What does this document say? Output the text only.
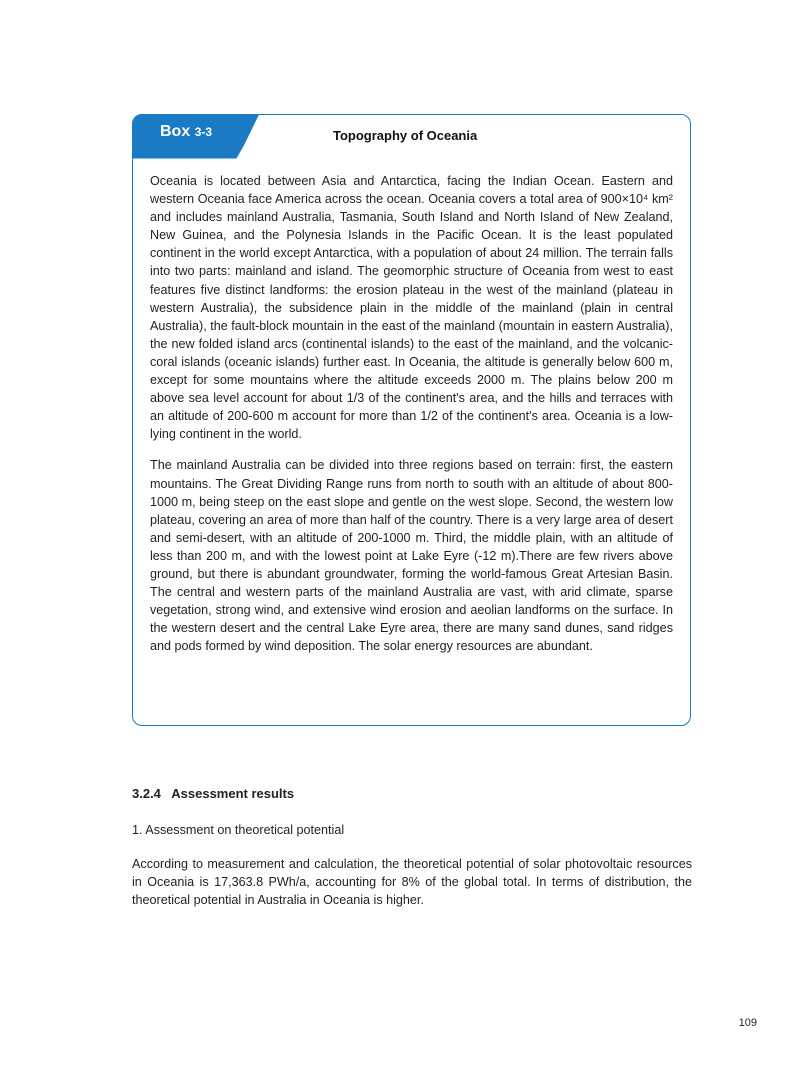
Box 3-3	Topography of Oceania

Oceania is located between Asia and Antarctica, facing the Indian Ocean. Eastern and western Oceania face America across the ocean. Oceania covers a total area of 900×10⁴ km² and includes mainland Australia, Tasmania, South Island and North Island of New Zealand, New Guinea, and the Polynesia Islands in the Pacific Ocean. It is the least populated continent in the world except Antarctica, with a population of about 24 million. The terrain falls into two parts: mainland and island. The geomorphic structure of Oceania from west to east features five distinct landforms: the erosion plateau in the west of the mainland (plateau in western Australia), the subsidence plain in the middle of the mainland (plain in central Australia), the fault-block mountain in the east of the mainland (mountain in eastern Australia), the new folded island arcs (continental islands) to the east of the mainland, and the volcanic-coral islands (oceanic islands) further east. In Oceania, the altitude is generally below 600 m, except for some mountains where the altitude exceeds 2000 m. The plains below 200 m above sea level account for about 1/3 of the continent's area, and the hills and terraces with an altitude of 200-600 m account for more than 1/2 of the continent's area. Oceania is a low-lying continent in the world.

The mainland Australia can be divided into three regions based on terrain: first, the eastern mountains. The Great Dividing Range runs from north to south with an altitude of about 800-1000 m, being steep on the east slope and gentle on the west slope. Second, the western low plateau, covering an area of more than half of the country. There is a very large area of desert and semi-desert, with an altitude of 200-1000 m. Third, the middle plain, with an altitude of less than 200 m, and with the lowest point at Lake Eyre (-12 m).There are few rivers above ground, but there is abundant groundwater, forming the world-famous Great Artesian Basin. The central and western parts of the mainland Australia are vast, with arid climate, sparse vegetation, strong wind, and extensive wind erosion and aeolian landforms on the surface. In the western desert and the central Lake Eyre area, there are many sand dunes, sand ridges and pods formed by wind deposition. The solar energy resources are abundant.

3.2.4   Assessment results
1. Assessment on theoretical potential
According to measurement and calculation, the theoretical potential of solar photovoltaic resources in Oceania is 17,363.8 PWh/a, accounting for 8% of the global total. In terms of distribution, the theoretical potential in Australia in Oceania is higher.
109
